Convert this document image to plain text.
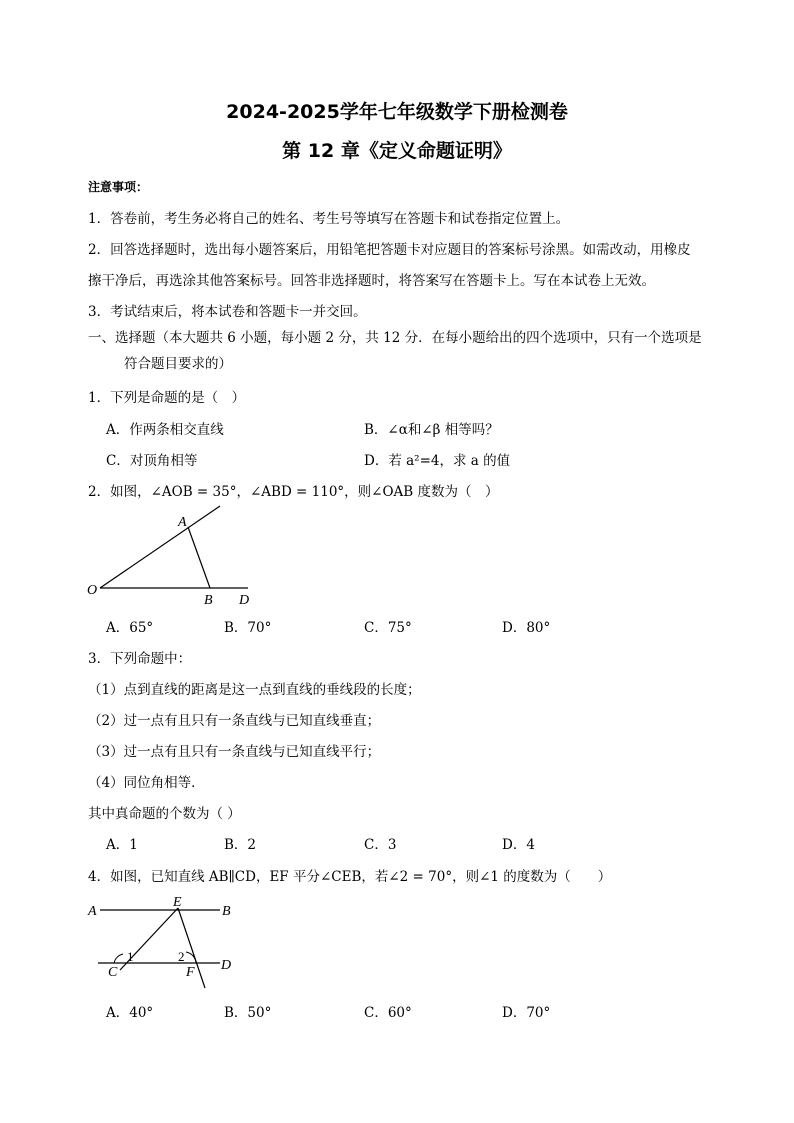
2024-2025学年七年级数学下册检测卷
第 12 章《定义命题证明》
注意事项：
1．答卷前，考生务必将自己的姓名、考生号等填写在答题卡和试卷指定位置上。
2．回答选择题时，选出每小题答案后，用铅笔把答题卡对应题目的答案标号涂黑。如需改动，用橡皮
擦干净后，再选涂其他答案标号。回答非选择题时，将答案写在答题卡上。写在本试卷上无效。
3．考试结束后，将本试卷和答题卡一并交回。
一、选择题（本大题共 6 小题，每小题 2 分，共 12 分．在每小题给出的四个选项中，只有一个选项是
符合题目要求的）
1．下列是命题的是（　）
A．作两条相交直线	B．∠α和∠β 相等吗？
C．对顶角相等	D．若 a²=4，求 a 的值
2．如图，∠AOB = 35°，∠ABD = 110°，则∠OAB 度数为（　）
A
O
B D
A．65°	B．70°	C．75°	D．80°
3．下列命题中：
（1）点到直线的距离是这一点到直线的垂线段的长度；
（2）过一点有且只有一条直线与已知直线垂直；
（3）过一点有且只有一条直线与已知直线平行；
（4）同位角相等．
其中真命题的个数为（ ）
A．1	B．2	C．3	D．4
4．如图，已知直线 AB∥CD，EF 平分∠CEB，若∠2 = 70°，则∠1 的度数为（　　）
A
E
B
C	F D
1	2
A．40°	B．50°	C．60°	D．70°
